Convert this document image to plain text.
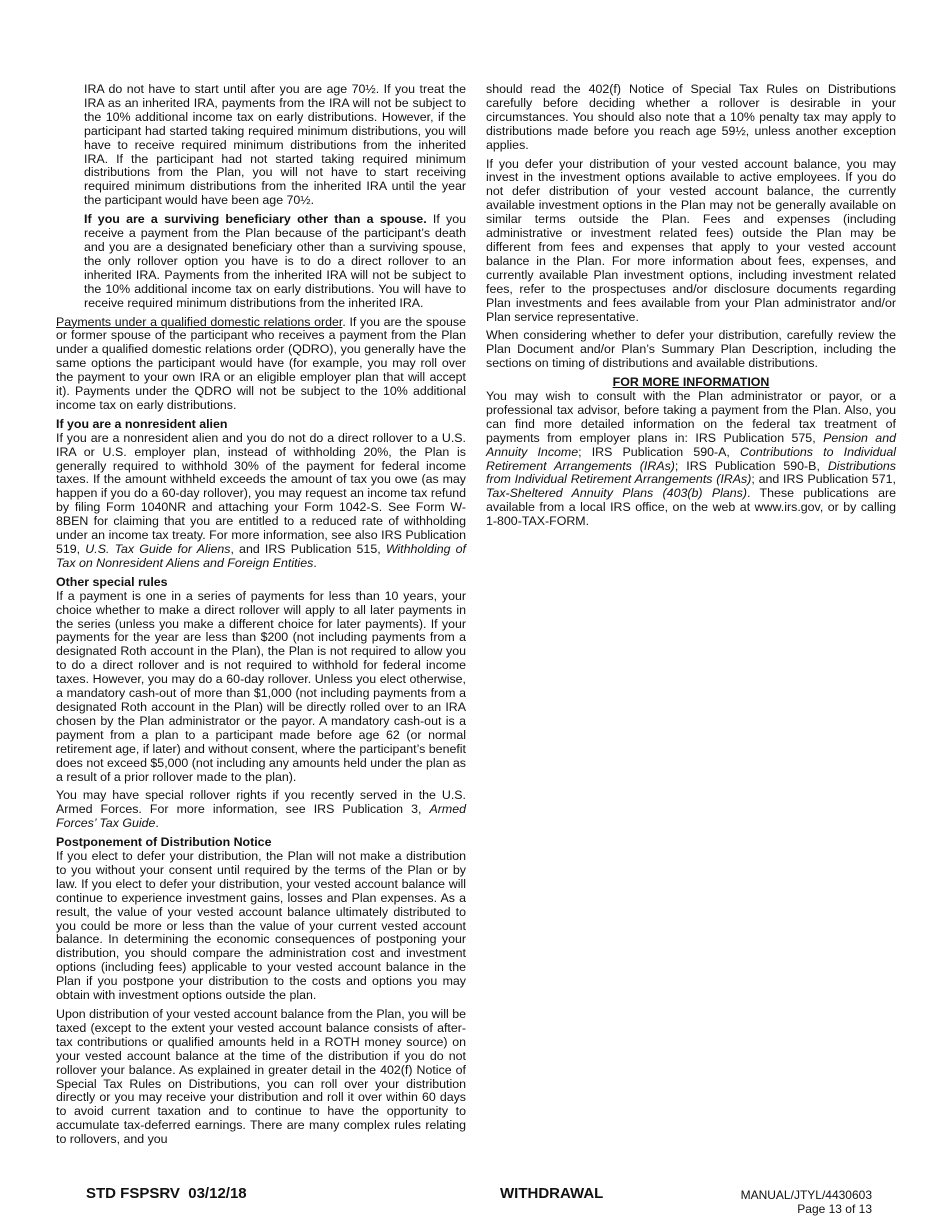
IRA do not have to start until after you are age 70½. If you treat the IRA as an inherited IRA, payments from the IRA will not be subject to the 10% additional income tax on early distributions. However, if the participant had started taking required minimum distributions, you will have to receive required minimum distributions from the inherited IRA. If the participant had not started taking required minimum distributions from the Plan, you will not have to start receiving required minimum distributions from the inherited IRA until the year the participant would have been age 70½.

If you are a surviving beneficiary other than a spouse. If you receive a payment from the Plan because of the participant’s death and you are a designated beneficiary other than a surviving spouse, the only rollover option you have is to do a direct rollover to an inherited IRA. Payments from the inherited IRA will not be subject to the 10% additional income tax on early distributions. You will have to receive required minimum distributions from the inherited IRA.

Payments under a qualified domestic relations order. If you are the spouse or former spouse of the participant who receives a payment from the Plan under a qualified domestic relations order (QDRO), you generally have the same options the participant would have (for example, you may roll over the payment to your own IRA or an eligible employer plan that will accept it). Payments under the QDRO will not be subject to the 10% additional income tax on early distributions.

If you are a nonresident alien

If you are a nonresident alien and you do not do a direct rollover to a U.S. IRA or U.S. employer plan, instead of withholding 20%, the Plan is generally required to withhold 30% of the payment for federal income taxes. If the amount withheld exceeds the amount of tax you owe (as may happen if you do a 60-day rollover), you may request an income tax refund by filing Form 1040NR and attaching your Form 1042-S. See Form W-8BEN for claiming that you are entitled to a reduced rate of withholding under an income tax treaty. For more information, see also IRS Publication 519, U.S. Tax Guide for Aliens, and IRS Publication 515, Withholding of Tax on Nonresident Aliens and Foreign Entities.

Other special rules

If a payment is one in a series of payments for less than 10 years, your choice whether to make a direct rollover will apply to all later payments in the series (unless you make a different choice for later payments). If your payments for the year are less than $200 (not including payments from a designated Roth account in the Plan), the Plan is not required to allow you to do a direct rollover and is not required to withhold for federal income taxes. However, you may do a 60-day rollover. Unless you elect otherwise, a mandatory cash-out of more than $1,000 (not including payments from a designated Roth account in the Plan) will be directly rolled over to an IRA chosen by the Plan administrator or the payor. A mandatory cash-out is a payment from a plan to a participant made before age 62 (or normal retirement age, if later) and without consent, where the participant’s benefit does not exceed $5,000 (not including any amounts held under the plan as a result of a prior rollover made to the plan).

You may have special rollover rights if you recently served in the U.S. Armed Forces. For more information, see IRS Publication 3, Armed Forces’ Tax Guide.

Postponement of Distribution Notice

If you elect to defer your distribution, the Plan will not make a distribution to you without your consent until required by the terms of the Plan or by law. If you elect to defer your distribution, your vested account balance will continue to experience investment gains, losses and Plan expenses. As a result, the value of your vested account balance ultimately distributed to you could be more or less than the value of your current vested account balance. In determining the economic consequences of postponing your distribution, you should compare the administration cost and investment options (including fees) applicable to your vested account balance in the Plan if you postpone your distribution to the costs and options you may obtain with investment options outside the plan.

Upon distribution of your vested account balance from the Plan, you will be taxed (except to the extent your vested account balance consists of after-tax contributions or qualified amounts held in a ROTH money source) on your vested account balance at the time of the distribution if you do not rollover your balance. As explained in greater detail in the 402(f) Notice of Special Tax Rules on Distributions, you can roll over your distribution directly or you may receive your distribution and roll it over within 60 days to avoid current taxation and to continue to have the opportunity to accumulate tax-deferred earnings. There are many complex rules relating to rollovers, and you

should read the 402(f) Notice of Special Tax Rules on Distributions carefully before deciding whether a rollover is desirable in your circumstances. You should also note that a 10% penalty tax may apply to distributions made before you reach age 59½, unless another exception applies.

If you defer your distribution of your vested account balance, you may invest in the investment options available to active employees. If you do not defer distribution of your vested account balance, the currently available investment options in the Plan may not be generally available on similar terms outside the Plan. Fees and expenses (including administrative or investment related fees) outside the Plan may be different from fees and expenses that apply to your vested account balance in the Plan. For more information about fees, expenses, and currently available Plan investment options, including investment related fees, refer to the prospectuses and/or disclosure documents regarding Plan investments and fees available from your Plan administrator and/or Plan service representative.

When considering whether to defer your distribution, carefully review the Plan Document and/or Plan’s Summary Plan Description, including the sections on timing of distributions and available distributions.

FOR MORE INFORMATION

You may wish to consult with the Plan administrator or payor, or a professional tax advisor, before taking a payment from the Plan. Also, you can find more detailed information on the federal tax treatment of payments from employer plans in: IRS Publication 575, Pension and Annuity Income; IRS Publication 590-A, Contributions to Individual Retirement Arrangements (IRAs); IRS Publication 590-B, Distributions from Individual Retirement Arrangements (IRAs); and IRS Publication 571, Tax-Sheltered Annuity Plans (403(b) Plans). These publications are available from a local IRS office, on the web at www.irs.gov, or by calling 1-800-TAX-FORM.

STD FSPSRV  03/12/18	WITHDRAWAL	MANUAL/JTYL/4430603
Page 13 of 13
